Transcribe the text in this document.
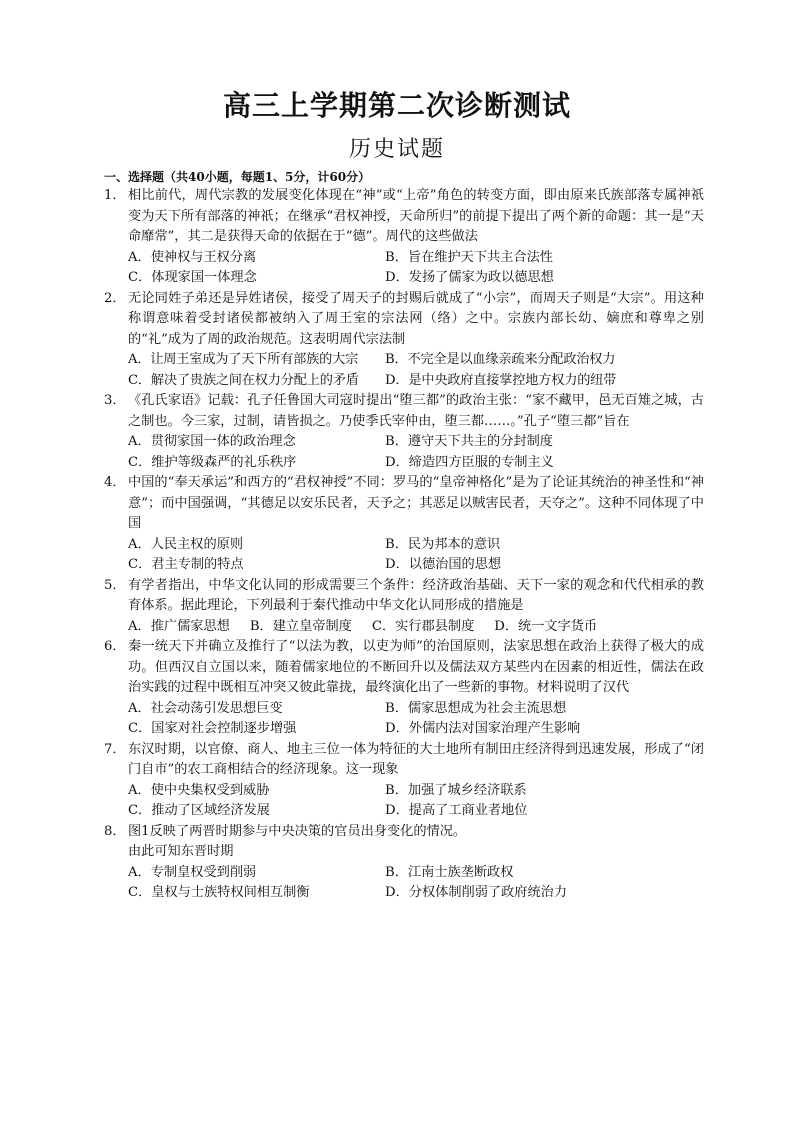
高三上学期第二次诊断测试
历史试题
一、选择题（共40小题，每题1、5分，计60分）
1． 相比前代，周代宗教的发展变化体现在“神”或“上帝”角色的转变方面，即由原来氏族部落专属神祇变为天下所有部落的神祇；在继承“君权神授，天命所归”的前提下提出了两个新的命题：其一是“天命靡常”，其二是获得天命的依据在于“德”。周代的这些做法
A．使神权与王权分离	B．旨在维护天下共主合法性
C．体现家国一体理念	D．发扬了儒家为政以德思想
2． 无论同姓子弟还是异姓诸侯，接受了周天子的封赐后就成了“小宗”，而周天子则是“大宗”。用这种称谓意味着受封诸侯都被纳入了周王室的宗法网（络）之中。宗族内部长幼、嫡庶和尊卑之别的“礼”成为了周的政治规范。这表明周代宗法制
A．让周王室成为了天下所有部族的大宗	B．不完全是以血缘亲疏来分配政治权力
C．解决了贵族之间在权力分配上的矛盾	D．是中央政府直接掌控地方权力的纽带
3． 《孔氏家语》记载：孔子任鲁国大司寇时提出“堕三都”的政治主张：“家不藏甲，邑无百雉之城，古之制也。今三家，过制，请皆损之。乃使季氏宰仲由，堕三都……。”孔子“堕三都”旨在
A．贯彻家国一体的政治理念	B．遵守天下共主的分封制度
C．维护等级森严的礼乐秩序	D．缔造四方臣服的专制主义
4． 中国的“奉天承运”和西方的“君权神授”不同：罗马的“皇帝神格化”是为了论证其统治的神圣性和“神意”；而中国强调，“其德足以安乐民者，天予之；其恶足以贼害民者，天夺之”。这种不同体现了中国
A．人民主权的原则	B．民为邦本的意识
C．君主专制的特点	D．以德治国的思想
5． 有学者指出，中华文化认同的形成需要三个条件：经济政治基础、天下一家的观念和代代相承的教育体系。据此理论，下列最利于秦代推动中华文化认同形成的措施是
A．推广儒家思想 B．建立皇帝制度 C．实行郡县制度 D．统一文字货币
6． 秦一统天下并确立及推行了“以法为教，以吏为师”的治国原则，法家思想在政治上获得了极大的成功。但西汉自立国以来，随着儒家地位的不断回升以及儒法双方某些内在因素的相近性，儒法在政治实践的过程中既相互冲突又彼此靠拢，最终演化出了一些新的事物。材料说明了汉代
A．社会动荡引发思想巨变	B．儒家思想成为社会主流思想
C．国家对社会控制逐步增强	D．外儒内法对国家治理产生影响
7． 东汉时期，以官僚、商人、地主三位一体为特征的大土地所有制田庄经济得到迅速发展，形成了“闭门自市”的农工商相结合的经济现象。这一现象
A．使中央集权受到威胁	B．加强了城乡经济联系
C．推动了区域经济发展	D．提高了工商业者地位
8． 图1反映了两晋时期参与中央决策的官员出身变化的情况。
由此可知东晋时期
A．专制皇权受到削弱	B．江南士族垄断政权
C．皇权与士族特权间相互制衡	D．分权体制削弱了政府统治力
